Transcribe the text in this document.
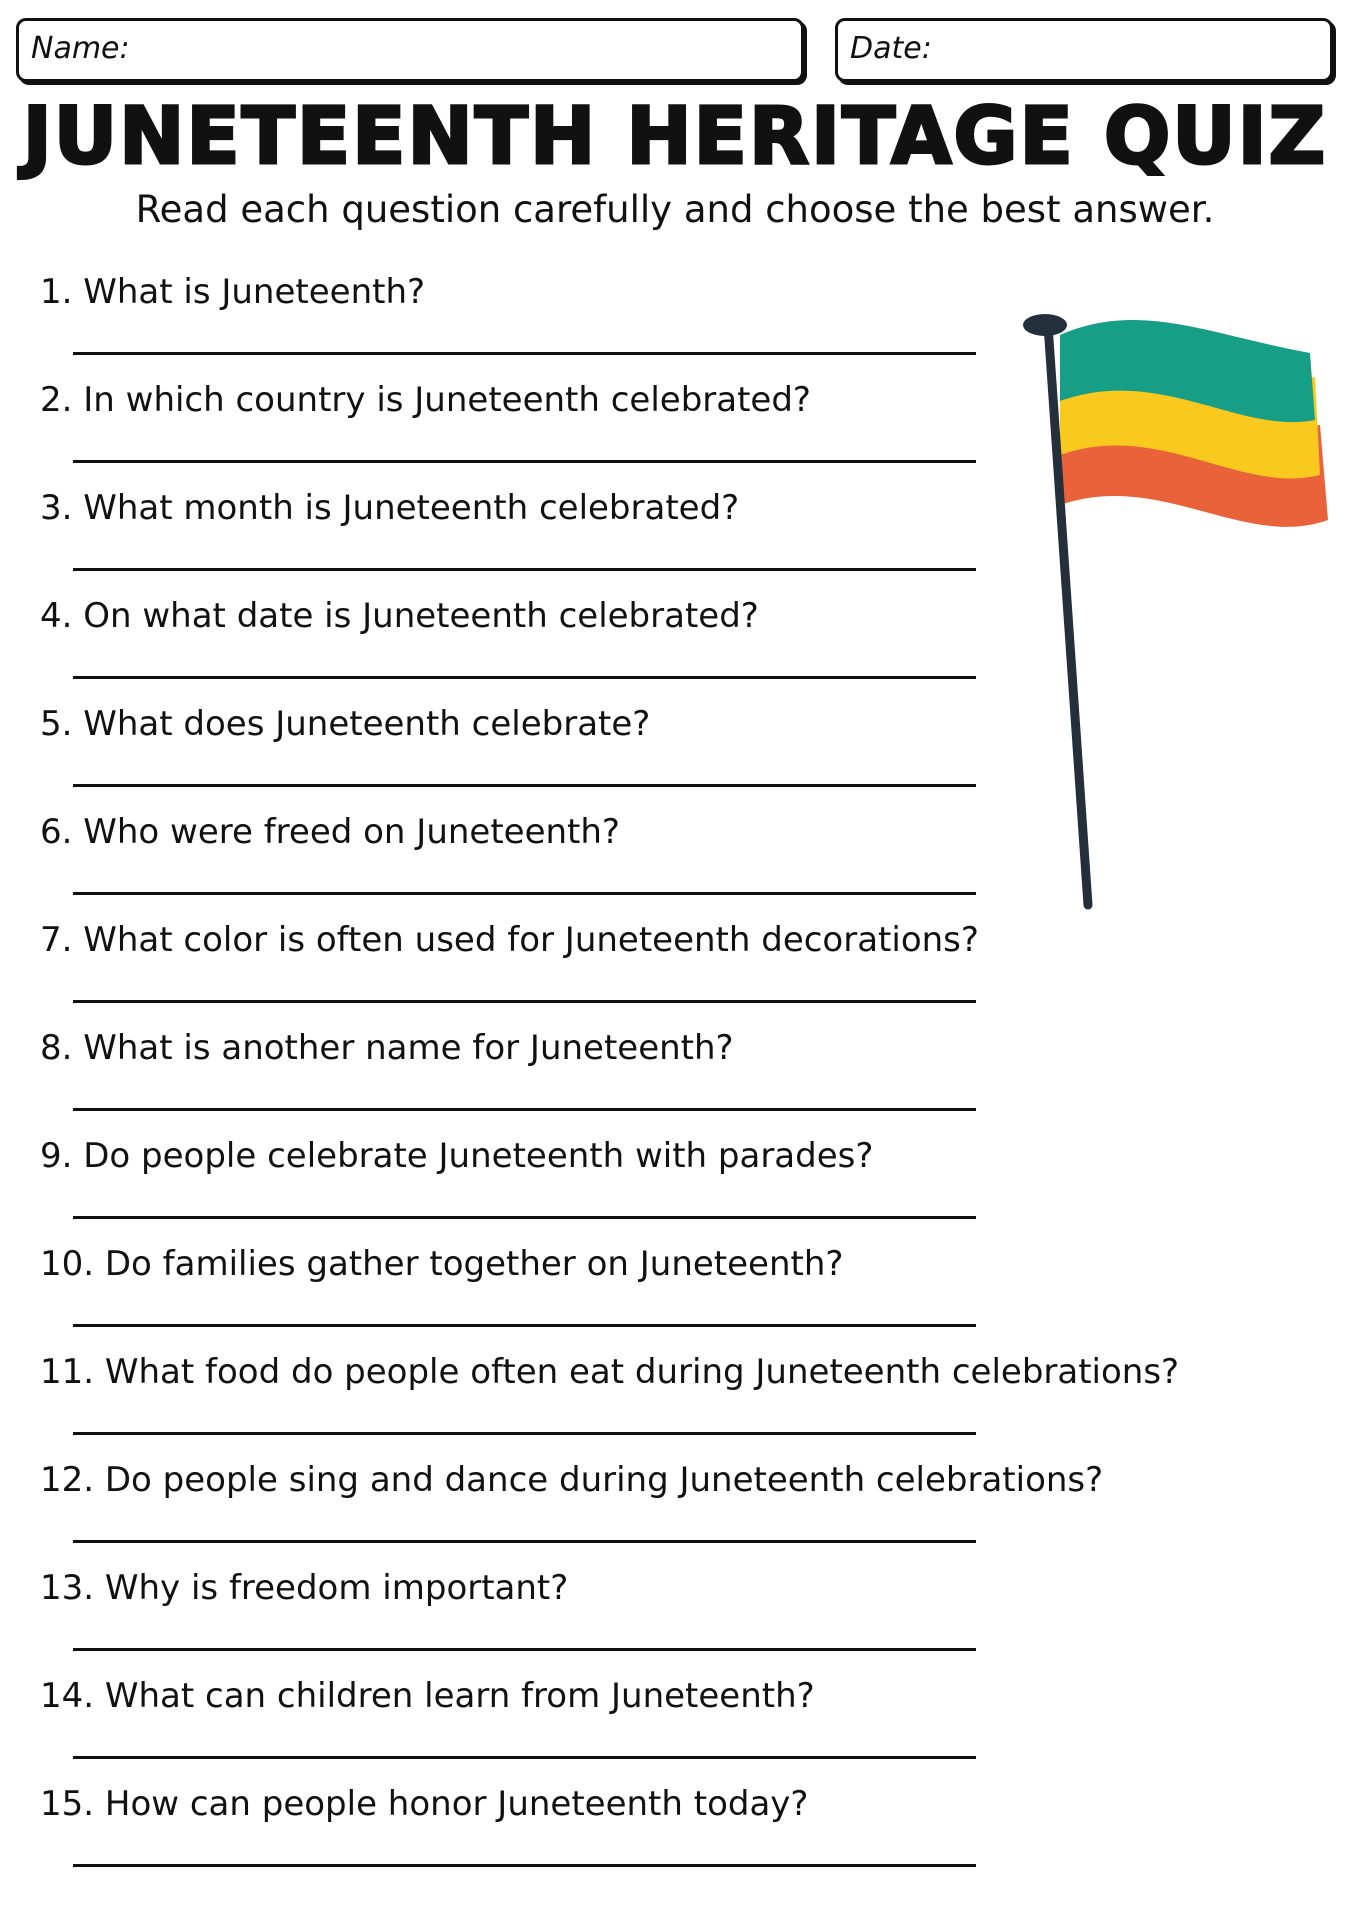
Name:	Date:
JUNETEENTH HERITAGE QUIZ
Read each question carefully and choose the best answer.
1. What is Juneteenth?
2. In which country is Juneteenth celebrated?
3. What month is Juneteenth celebrated?
4. On what date is Juneteenth celebrated?
5. What does Juneteenth celebrate?
6. Who were freed on Juneteenth?
7. What color is often used for Juneteenth decorations?
8. What is another name for Juneteenth?
9. Do people celebrate Juneteenth with parades?
10. Do families gather together on Juneteenth?
11. What food do people often eat during Juneteenth celebrations?
12. Do people sing and dance during Juneteenth celebrations?
13. Why is freedom important?
14. What can children learn from Juneteenth?
15. How can people honor Juneteenth today?
